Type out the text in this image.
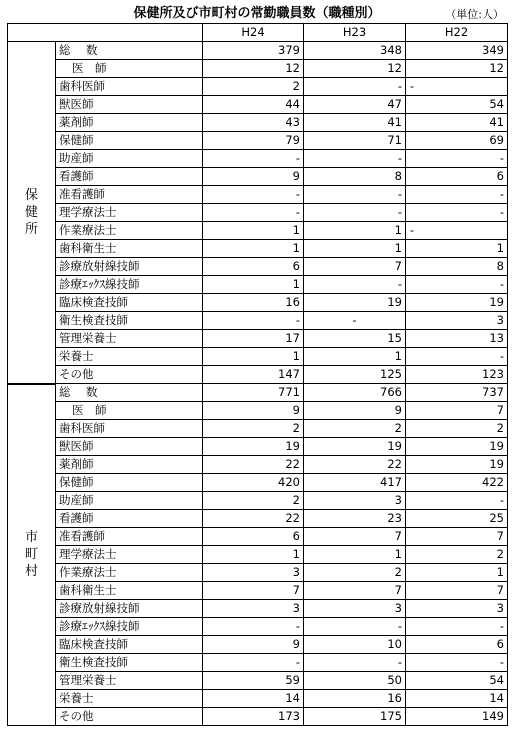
保健所及び市町村の常勤職員数（職種別）	（単位:人）
		H24	H23	H22

保
健
所	総　数	379	348	349
	医　師	12	12	12
	歯科医師	2	-	-
	獣医師	44	47	54
	薬剤師	43	41	41
	保健師	79	71	69
	助産師	-	-	-
	看護師	9	8	6
	准看護師	-	-	-
	理学療法士	-	-	-
	作業療法士	1	1	-
	歯科衛生士	1	1	1
	診療放射線技師	6	7	8
	診療ｴｯｸｽ線技師	1	-	-
	臨床検査技師	16	19	19
	衛生検査技師	-	-	3
	管理栄養士	17	15	13
	栄養士	1	1	-
	その他	147	125	123

市
町
村	総　数	771	766	737
	医　師	9	9	7
	歯科医師	2	2	2
	獣医師	19	19	19
	薬剤師	22	22	19
	保健師	420	417	422
	助産師	2	3	-
	看護師	22	23	25
	准看護師	6	7	7
	理学療法士	1	1	2
	作業療法士	3	2	1
	歯科衛生士	7	7	7
	診療放射線技師	3	3	3
	診療ｴｯｸｽ線技師	-	-	-
	臨床検査技師	9	10	6
	衛生検査技師	-	-	-
	管理栄養士	59	50	54
	栄養士	14	16	14
	その他	173	175	149
